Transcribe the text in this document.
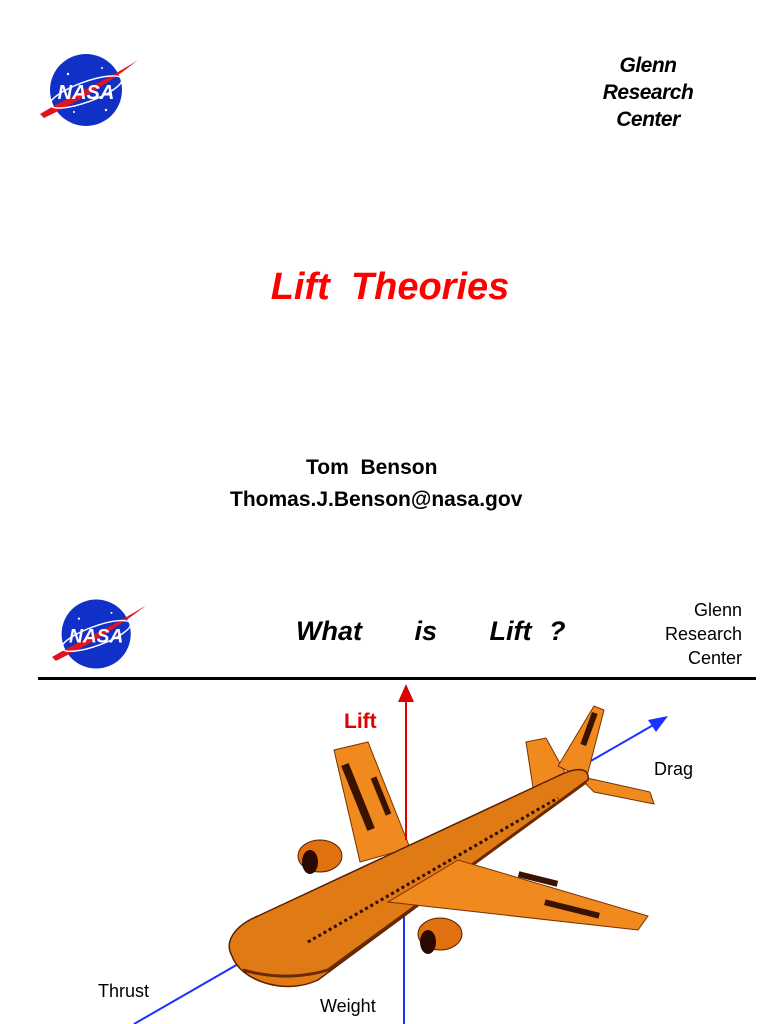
NASA
Glenn
Research
Center
Lift  Theories
Tom  Benson
Thomas.J.Benson@nasa.gov
NASA	What   is   Lift ?
Glenn
Research
Center
Lift
Drag
Thrust
Weight
